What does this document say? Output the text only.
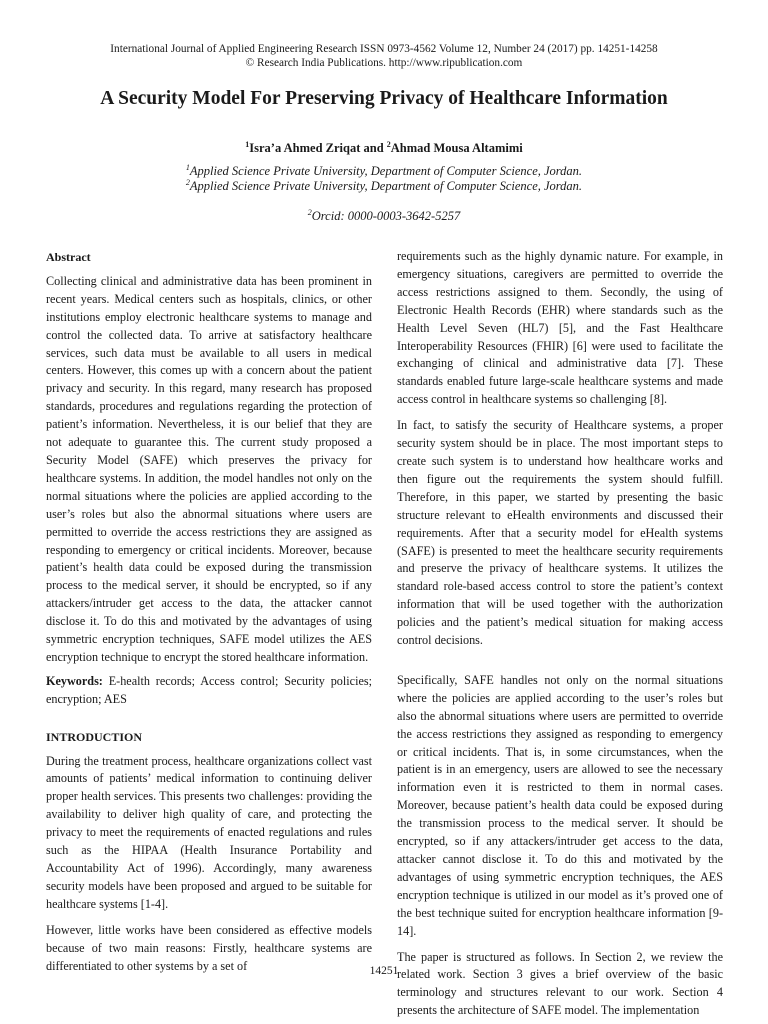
International Journal of Applied Engineering Research ISSN 0973-4562 Volume 12, Number 24 (2017) pp. 14251-14258
© Research India Publications. http://www.ripublication.com
A Security Model For Preserving Privacy of Healthcare Information
$^1$Isra’a Ahmed Zriqat and $^2$Ahmad Mousa Altamimi
$^1$Applied Science Private University, Department of Computer Science, Jordan.
$^2$Applied Science Private University, Department of Computer Science, Jordan.
$^2$Orcid: 0000-0003-3642-5257

Abstract

Collecting clinical and administrative data has been prominent in recent years. Medical centers such as hospitals, clinics, or other institutions employ electronic healthcare systems to manage and control the collected data. To arrive at satisfactory healthcare services, such data must be available to all users in medical centers. However, this comes up with a concern about the patient privacy and security. In this regard, many research has proposed standards, procedures and regulations regarding the protection of patient’s information. Nevertheless, it is our belief that they are not adequate to guarantee this. The current study proposed a Security Model (SAFE) which preserves the privacy for healthcare systems. In addition, the model handles not only on the normal situations where the policies are applied according to the user’s roles but also the abnormal situations where users are permitted to override the access restrictions they are assigned as responding to emergency or critical incidents. Moreover, because patient’s health data could be exposed during the transmission process to the medical server, it should be encrypted, so if any attackers/intruder get access to the data, the attacker cannot disclose it. To do this and motivated by the advantages of using symmetric encryption techniques, SAFE model utilizes the AES encryption technique to encrypt the stored healthcare information.

Keywords: E-health records; Access control; Security policies; encryption; AES

INTRODUCTION

During the treatment process, healthcare organizations collect vast amounts of patients’ medical information to continuing deliver proper health services. This presents two challenges: providing the availability to deliver high quality of care, and protecting the privacy to meet the requirements of enacted regulations and rules such as the HIPAA (Health Insurance Portability and Accountability Act of 1996). Accordingly, many awareness security models have been proposed and argued to be suitable for healthcare systems [1-4].

However, little works have been considered as effective models because of two main reasons: Firstly, healthcare systems are differentiated to other systems by a set of

requirements such as the highly dynamic nature. For example, in emergency situations, caregivers are permitted to override the access restrictions assigned to them. Secondly, the using of Electronic Health Records (EHR) where standards such as the Health Level Seven (HL7) [5], and the Fast Healthcare Interoperability Resources (FHIR) [6] were used to facilitate the exchanging of clinical and administrative data [7]. These standards enabled future large-scale healthcare systems and made access control in healthcare systems so challenging [8].

In fact, to satisfy the security of Healthcare systems, a proper security system should be in place. The most important steps to create such system is to understand how healthcare works and then figure out the requirements the system should fulfill. Therefore, in this paper, we started by presenting the basic structure relevant to eHealth environments and discussed their requirements. After that a security model for eHealth systems (SAFE) is presented to meet the healthcare security requirements and preserve the privacy of healthcare systems. It utilizes the standard role-based access control to store the patient’s context information that will be used together with the authorization policies and the patient’s medical situation for making access control decisions.

Specifically, SAFE handles not only on the normal situations where the policies are applied according to the user’s roles but also the abnormal situations where users are permitted to override the access restrictions they assigned as responding to emergency or critical incidents. That is, in some circumstances, when the patient is in an emergency, users are allowed to see the necessary information even it is restricted to them in normal cases. Moreover, because patient’s health data could be exposed during the transmission process to the medical server. It should be encrypted, so if any attackers/intruder get access to the data, attacker cannot disclose it. To do this and motivated by the advantages of using symmetric encryption techniques, the AES encryption technique is utilized in our model as it’s proved one of the best technique suited for encryption healthcare information [9-14].

The paper is structured as follows. In Section 2, we review the related work. Section 3 gives a brief overview of the basic terminology and structures relevant to our work. Section 4 presents the architecture of SAFE model. The implementation

14251
